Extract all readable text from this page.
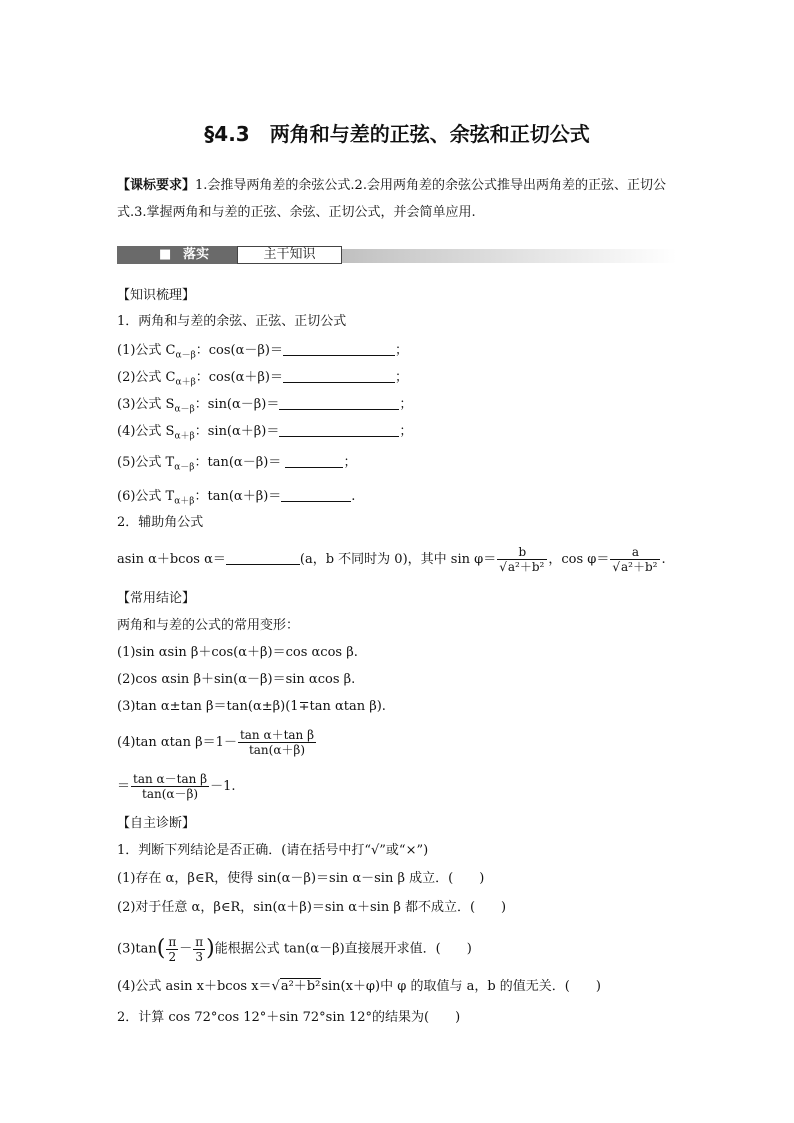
§4.3　两角和与差的正弦、余弦和正切公式
【课标要求】1.会推导两角差的余弦公式.2.会用两角差的余弦公式推导出两角差的正弦、正切公式.3.掌握两角和与差的正弦、余弦、正切公式，并会简单应用.
■ 落实	主干知识
【知识梳理】
1．两角和与差的余弦、正弦、正切公式
(1)公式 $C_{\alpha-\beta}$：cos(α－β)＝	；
(2)公式 $C_{\alpha+\beta}$：cos(α＋β)＝	；
(3)公式 $S_{\alpha-\beta}$：sin(α－β)＝	；
(4)公式 $S_{\alpha+\beta}$：sin(α＋β)＝	；
(5)公式 $T_{\alpha-\beta}$：tan(α－β)＝	；
(6)公式 $T_{\alpha+\beta}$：tan(α＋β)＝	.
2．辅助角公式
asin α＋bcos α＝	(a，b 不同时为 0)，其中 $\sin \varphi= \frac{b}{\text{√a²＋b²}}$ ，$\cos \varphi= \frac{a}{\text{√a²＋b²}}$ .
【常用结论】
两角和与差的公式的常用变形：
(1)sin αsin β＋cos(α＋β)＝cos αcos β.
(2)cos αsin β＋sin(α－β)＝sin αcos β.
(3)tan α±tan β＝tan(α±β)(1∓tan αtan β).
(4)tan αtan $\beta=1- \frac{\text{tan α＋tan β}}{\tan(\alpha+\beta)}$
＝ $\frac{\text{tan α－tan β}}{\tan(\alpha-\beta)} -1$.
【自主诊断】
1．判断下列结论是否正确．(请在括号中打“√”或“×”)
(1)存在 α，β∈R，使得 sin(α－β)＝sin α－sin β 成立．(　　)
(2)对于任意 α，β∈R，sin(α＋β)＝sin α＋sin β 都不成立．(　　)
$(3)\tan( \frac{\pi}{2} - \frac{\pi}{3}$ )能根据公式 tan(α－β)直接展开求值．(　　)
(4)公式 asin x＋bcos x＝√a²＋b²sin(x＋φ)中 φ 的取值与 a，b 的值无关．(　　)
2．计算 cos 72°cos 12°＋sin 72°sin 12°的结果为(　　)
